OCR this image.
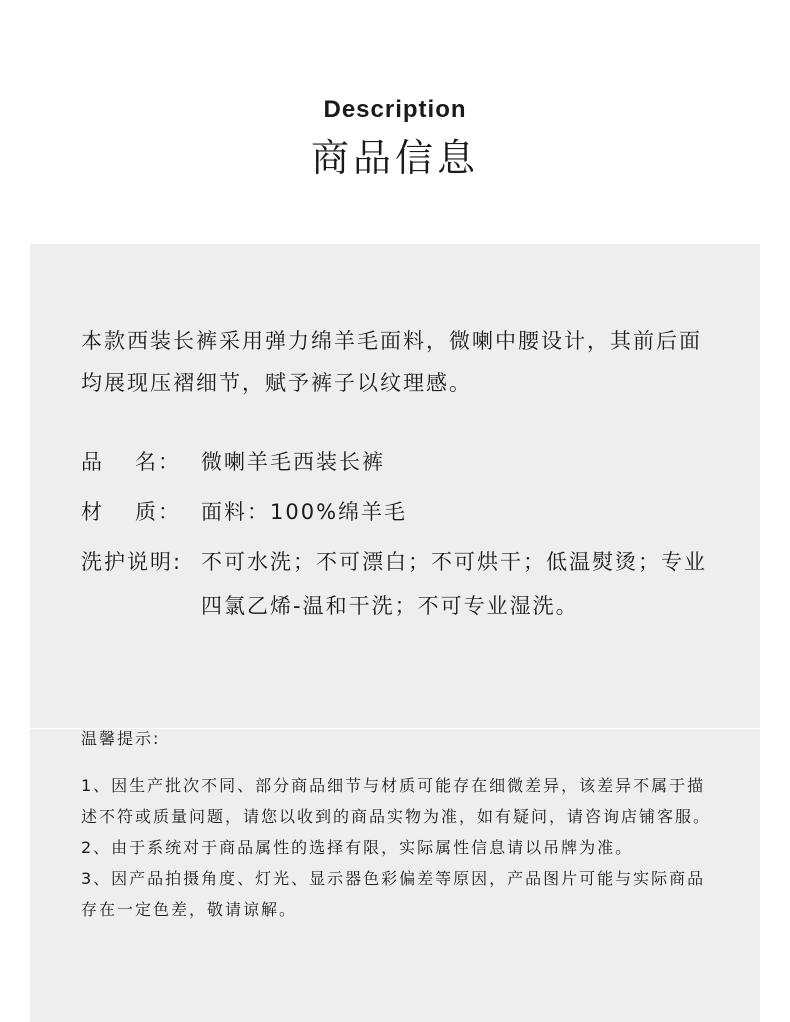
Description
商品信息

本款西装长裤采用弹力绵羊毛面料，微喇中腰设计，其前后面均展现压褶细节，赋予裤子以纹理感。

品 名： 微喇羊毛西装长裤
材 质： 面料：100%绵羊毛
洗护说明: 不可水洗；不可漂白；不可烘干；低温熨烫；专业四氯乙烯-温和干洗；不可专业湿洗。

温馨提示:

1、因生产批次不同、部分商品细节与材质可能存在细微差异，该差异不属于描述不符或质量问题，请您以收到的商品实物为准，如有疑问，请咨询店铺客服。

2、由于系统对于商品属性的选择有限，实际属性信息请以吊牌为准。

3、因产品拍摄角度、灯光、显示器色彩偏差等原因，产品图片可能与实际商品存在一定色差，敬请谅解。
